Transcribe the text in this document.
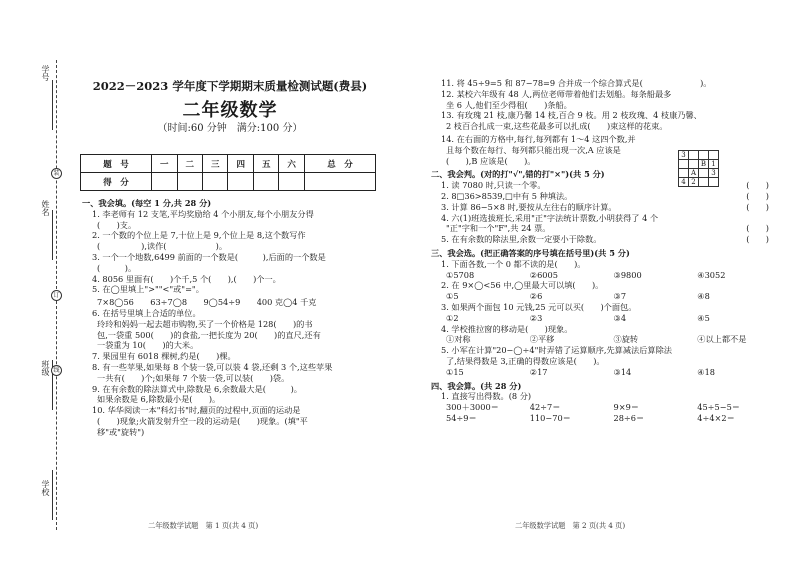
学号
装
姓名
订
班级 线
学校
2022－2023 学年度下学期期末质量检测试题(费县)
二年级数学
（时间:60 分钟　满分:100 分）
题　号	一	二	三	四	五	六	总　分
得　分							

一、我会填。(每空 1 分,共 28 分)

1. 李老师有 12 支笔,平均奖励给 4 个小朋友,每个小朋友分得

(　　)支。

2. 一个数的个位上是 7,十位上是 9,个位上是 8,这个数写作

(　　　　　),读作(　　　　　　)。

3. 一个一个地数,6499 前面的一个数是(　　　),后面的一个数是

(　　　)。

4. 8056 里面有(　　)个千,5 个(　　),(　　)个一。

5. 在◯里填上">""<"或"="。

7×8◯56　　63÷7◯8　　9◯54÷9　　400 克◯4 千克

6. 在括号里填上合适的单位。

玲玲和妈妈一起去超市购物,买了一个价格是 128(　　)的书

包,一袋重 500(　　)的食盐,一把长度为 20(　　)的直尺,还有

一袋重为 10(　　)的大米。

7. 果园里有 6018 棵树,约是(　　)棵。

8. 有一些苹果,如果每 8 个装一袋,可以装 4 袋,还剩 3 个,这些苹果

一共有(　　)个;如果每 7 个装一袋,可以装(　　)袋。

9. 在有余数的除法算式中,除数是 6,余数最大是(　　　)。

如果余数是 6,除数最小是(　　)。

10. 华华阅读一本"科幻书"时,翻页的过程中,页面的运动是

(　　)现象;火箭发射升空一段的运动是(　　)现象。(填"平

移"或"旋转")

二年级数学试题　第 1 页(共 4 页)

11. 将 45÷9=5 和 87−78=9 合并成一个综合算式是(　　　　　　　)。

12. 某校六年级有 48 人,两位老师带着他们去划船。每条船最多

坐 6 人,他们至少得租(　　)条船。

13. 有玫瑰 21 枝,康乃馨 14 枝,百合 9 枝。用 2 枝玫瑰、4 枝康乃馨、

2 枝百合扎成一束,这些花最多可以扎成(　　)束这样的花束。

14. 在右面的方格中,每行,每列都有 1～4 这四个数,并

且每个数在每行、每列都只能出现一次,A 应该是

(　　),B 应该是(　　)。

二、我会判。(对的打"√",错的打"×")(共 5 分)

1. 读 7080 时,只读一个零。	(　　)

2. 8□36>8539,□中有 5 种填法。	(　　)

3. 计算 86−5×8 时,要按从左往右的顺序计算。	(　　)

4. 六(1)班选拔班长,采用"正"字法统计票数,小明获得了 4 个

"正"字和一个"F",共 24 票。	(　　)

5. 在有余数的除法里,余数一定要小于除数。	(　　)

三、我会选。(把正确答案的序号填在括号里)(共 5 分)

1. 下面各数,一个 0 都不读的是(　　)。

①5708	②6005	③9800	④3052

2. 在 9×◯<56 中,◯里最大可以填(　　)。

①5	②6	③7	④8

3. 如果两个面包 10 元钱,25 元可以买(　　)个面包。

①2	②3	③4	④5

4. 学校推拉窗的移动是(　　)现象。

①对称	②平移	③旋转	④以上都不是

5. 小军在计算"20−◯÷4"时弄错了运算顺序,先算减法后算除法

了,结果得数是 3,正确的得数应该是(　　)。

①15	②17	③14	④18

四、我会算。(共 28 分)

1. 直接写出得数。(8 分)

300＋3000＝	42÷7＝	9×9＝	45÷5−5＝
54÷9＝	110−70＝	28÷6＝	4÷4×2＝
3			
		B	1
	A		3
4	2		
二年级数学试题　第 2 页(共 4 页)
